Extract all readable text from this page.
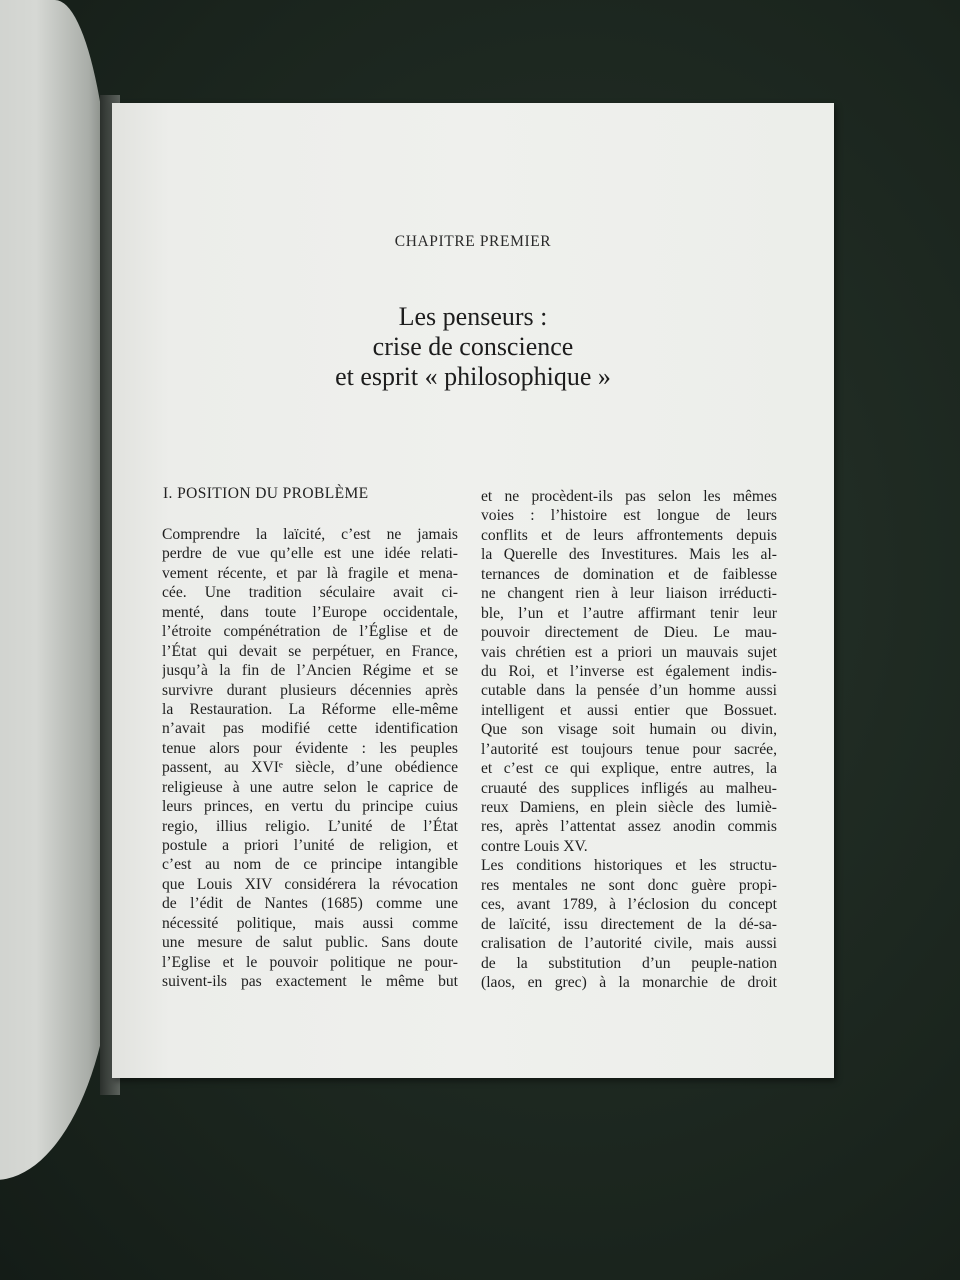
CHAPITRE PREMIER
Les penseurs :
crise de conscience
et esprit « philosophique »
I. POSITION DU PROBLÈME
Comprendre la laïcité, c’est ne jamais
perdre de vue qu’elle est une idée relati-
vement récente, et par là fragile et mena-
cée. Une tradition séculaire avait ci-
menté, dans toute l’Europe occidentale,
l’étroite compénétration de l’Église et de
l’État qui devait se perpétuer, en France,
jusqu’à la fin de l’Ancien Régime et se
survivre durant plusieurs décennies après
la Restauration. La Réforme elle-même
n’avait pas modifié cette identification
tenue alors pour évidente : les peuples
passent, au XVIᵉ siècle, d’une obédience
religieuse à une autre selon le caprice de
leurs princes, en vertu du principe cuius
regio, illius religio. L’unité de l’État
postule a priori l’unité de religion, et
c’est au nom de ce principe intangible
que Louis XIV considérera la révocation
de l’édit de Nantes (1685) comme une
nécessité politique, mais aussi comme
une mesure de salut public. Sans doute
l’Eglise et le pouvoir politique ne pour-
suivent-ils pas exactement le même but
et ne procèdent-ils pas selon les mêmes
voies : l’histoire est longue de leurs
conflits et de leurs affrontements depuis
la Querelle des Investitures. Mais les al-
ternances de domination et de faiblesse
ne changent rien à leur liaison irréducti-
ble, l’un et l’autre affirmant tenir leur
pouvoir directement de Dieu. Le mau-
vais chrétien est a priori un mauvais sujet
du Roi, et l’inverse est également indis-
cutable dans la pensée d’un homme aussi
intelligent et aussi entier que Bossuet.
Que son visage soit humain ou divin,
l’autorité est toujours tenue pour sacrée,
et c’est ce qui explique, entre autres, la
cruauté des supplices infligés au malheu-
reux Damiens, en plein siècle des lumiè-
res, après l’attentat assez anodin commis
contre Louis XV.
Les conditions historiques et les structu-
res mentales ne sont donc guère propi-
ces, avant 1789, à l’éclosion du concept
de laïcité, issu directement de la dé-sa-
cralisation de l’autorité civile, mais aussi
de la substitution d’un peuple-nation
(laos, en grec) à la monarchie de droit
